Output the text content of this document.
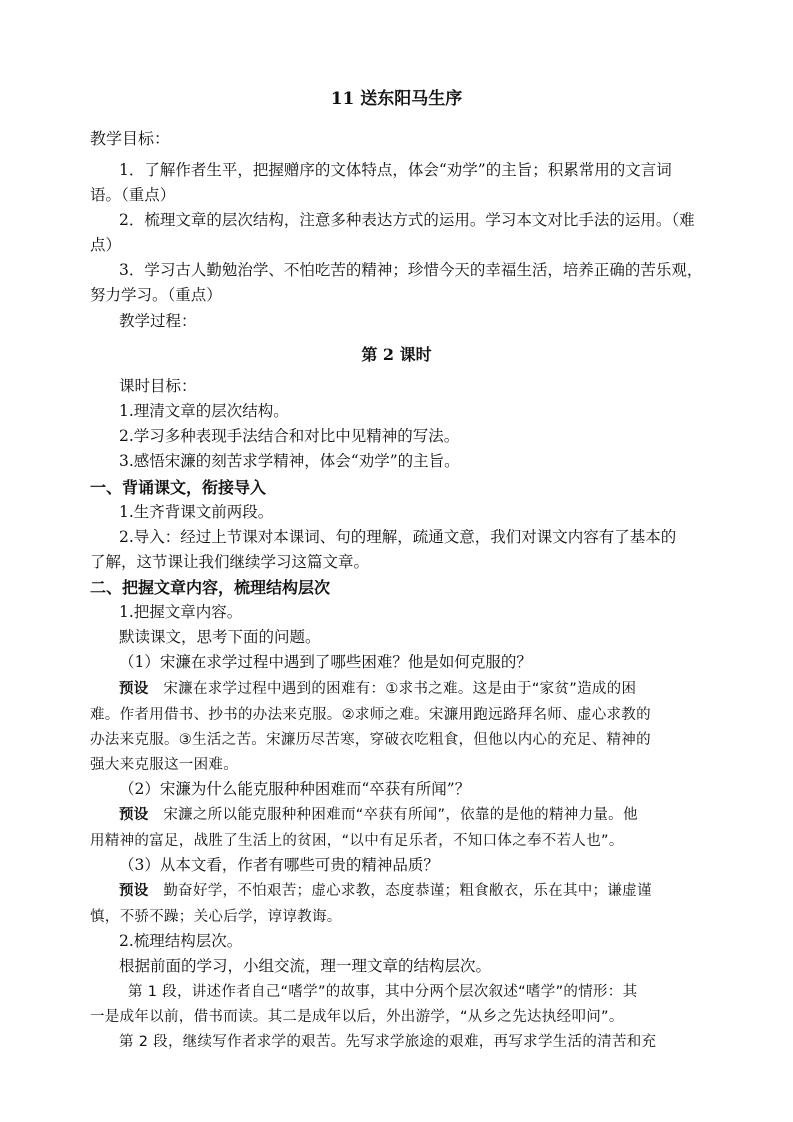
11 送东阳马生序
教学目标：
1．了解作者生平，把握赠序的文体特点，体会“劝学”的主旨；积累常用的文言词
语。（重点）
2．梳理文章的层次结构，注意多种表达方式的运用。学习本文对比手法的运用。（难
点）
3．学习古人勤勉治学、不怕吃苦的精神；珍惜今天的幸福生活，培养正确的苦乐观，
努力学习。（重点）
教学过程：
第 2 课时
课时目标：
1.理清文章的层次结构。
2.学习多种表现手法结合和对比中见精神的写法。
3.感悟宋濂的刻苦求学精神，体会“劝学”的主旨。
一、背诵课文，衔接导入
1.生齐背课文前两段。
2.导入：经过上节课对本课词、句的理解，疏通文意，我们对课文内容有了基本的
了解，这节课让我们继续学习这篇文章。
二、把握文章内容，梳理结构层次
1.把握文章内容。
默读课文，思考下面的问题。
（1）宋濂在求学过程中遇到了哪些困难？他是如何克服的？
预设 宋濂在求学过程中遇到的困难有：①求书之难。这是由于“家贫”造成的困
难。作者用借书、抄书的办法来克服。②求师之难。宋濂用跑远路拜名师、虚心求教的
办法来克服。③生活之苦。宋濂历尽苦寒，穿破衣吃粗食，但他以内心的充足、精神的
强大来克服这一困难。
（2）宋濂为什么能克服种种困难而“卒获有所闻”？
预设 宋濂之所以能克服种种困难而“卒获有所闻”，依靠的是他的精神力量。他
用精神的富足，战胜了生活上的贫困，“以中有足乐者，不知口体之奉不若人也”。
（3）从本文看，作者有哪些可贵的精神品质？
预设 勤奋好学，不怕艰苦；虚心求教，态度恭谨；粗食敝衣，乐在其中；谦虚谨
慎，不骄不躁；关心后学，谆谆教诲。
2.梳理结构层次。
根据前面的学习，小组交流，理一理文章的结构层次。
第 1 段，讲述作者自己“嗜学”的故事，其中分两个层次叙述“嗜学”的情形：其
一是成年以前，借书而读。其二是成年以后，外出游学，“从乡之先达执经叩问”。
第 2 段，继续写作者求学的艰苦。先写求学旅途的艰难，再写求学生活的清苦和充
